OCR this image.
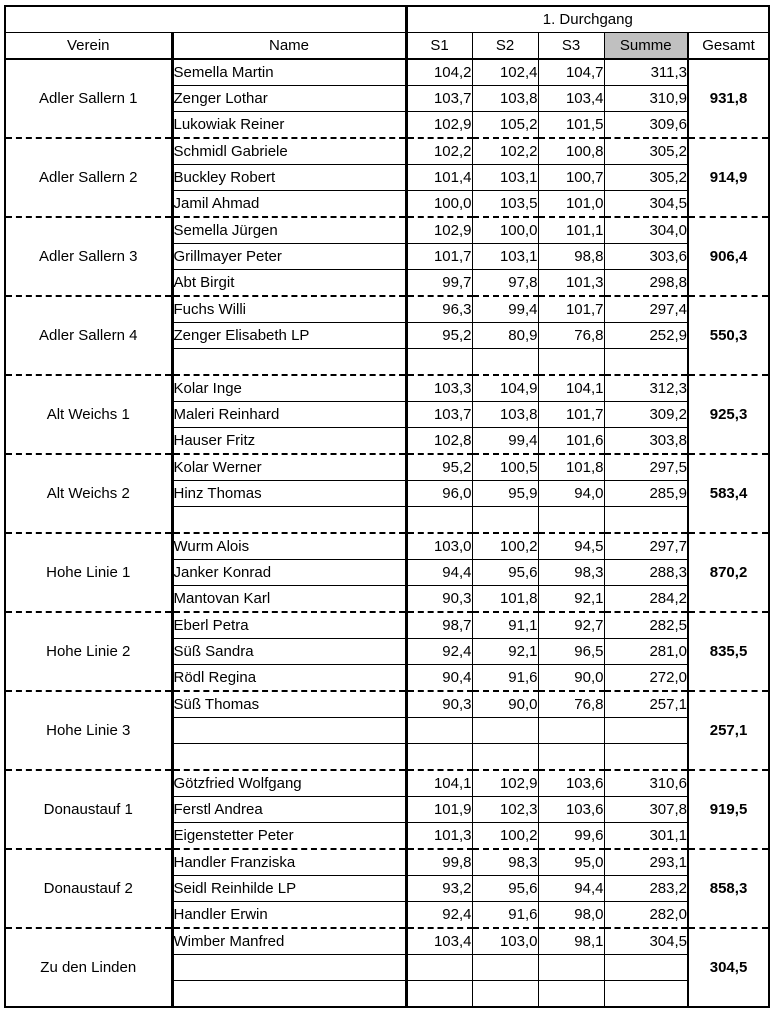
		1. Durchgang				
Verein	Name	S1	S2	S3	Summe	Gesamt
Adler Sallern 1	Semella Martin	104,2	102,4	104,7	311,3	931,8
	Zenger Lothar	103,7	103,8	103,4	310,9	
	Lukowiak Reiner	102,9	105,2	101,5	309,6	
Adler Sallern 2	Schmidl Gabriele	102,2	102,2	100,8	305,2	914,9
	Buckley Robert	101,4	103,1	100,7	305,2	
	Jamil Ahmad	100,0	103,5	101,0	304,5	
Adler Sallern 3	Semella Jürgen	102,9	100,0	101,1	304,0	906,4
	Grillmayer Peter	101,7	103,1	98,8	303,6	
	Abt Birgit	99,7	97,8	101,3	298,8	
Adler Sallern 4	Fuchs Willi	96,3	99,4	101,7	297,4	550,3
	Zenger Elisabeth LP	95,2	80,9	76,8	252,9	

Alt Weichs 1	Kolar Inge	103,3	104,9	104,1	312,3	925,3
	Maleri Reinhard	103,7	103,8	101,7	309,2	
	Hauser Fritz	102,8	99,4	101,6	303,8	
Alt Weichs 2	Kolar Werner	95,2	100,5	101,8	297,5	583,4
	Hinz Thomas	96,0	95,9	94,0	285,9	

Hohe Linie 1	Wurm Alois	103,0	100,2	94,5	297,7	870,2
	Janker Konrad	94,4	95,6	98,3	288,3	
	Mantovan Karl	90,3	101,8	92,1	284,2	
Hohe Linie 2	Eberl Petra	98,7	91,1	92,7	282,5	835,5
	Süß Sandra	92,4	92,1	96,5	281,0	
	Rödl Regina	90,4	91,6	90,0	272,0	
Hohe Linie 3	Süß Thomas	90,3	90,0	76,8	257,1	257,1

Donaustauf 1	Götzfried Wolfgang	104,1	102,9	103,6	310,6	919,5
	Ferstl Andrea	101,9	102,3	103,6	307,8	
	Eigenstetter Peter	101,3	100,2	99,6	301,1	
Donaustauf 2	Handler Franziska	99,8	98,3	95,0	293,1	858,3
	Seidl Reinhilde LP	93,2	95,6	94,4	283,2	
	Handler Erwin	92,4	91,6	98,0	282,0	
Zu den Linden	Wimber Manfred	103,4	103,0	98,1	304,5	304,5
